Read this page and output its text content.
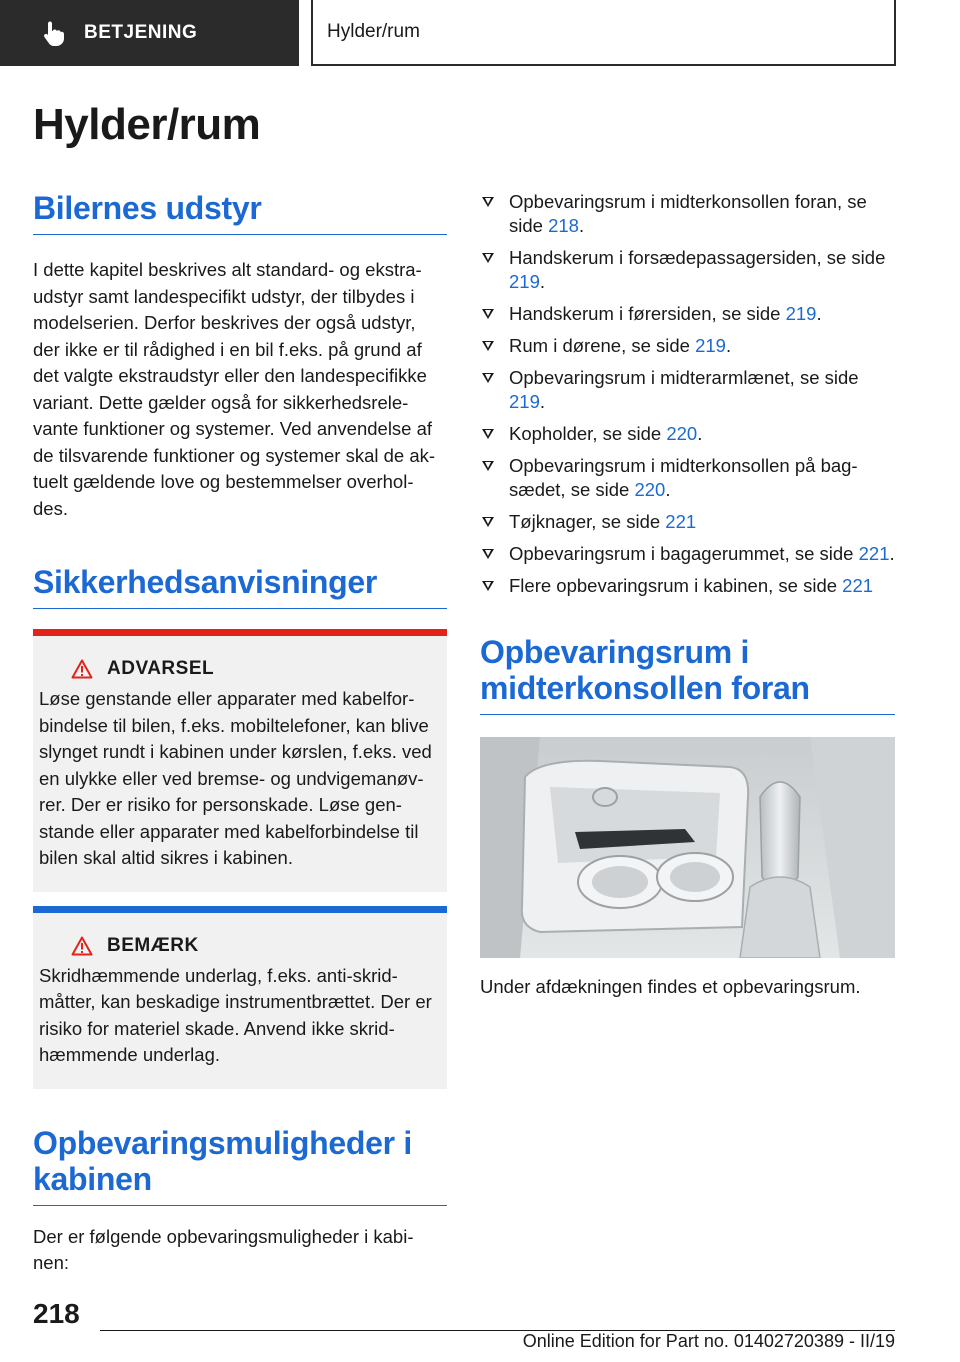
BETJENING	Hylder/rum
Hylder/rum
Bilernes udstyr

I dette kapitel beskrives alt standard- og ekstra-udstyr samt landespecifikt udstyr, der tilbydes i modelserien. Derfor beskrives der også udstyr, der ikke er til rådighed i en bil f.eks. på grund af det valgte ekstraudstyr eller den landespecifikke variant. Dette gælder også for sikkerhedsrele-vante funktioner og systemer. Ved anvendelse af de tilsvarende funktioner og systemer skal de ak-tuelt gældende love og bestemmelser overhol-des.

Sikkerhedsanvisninger
ADVARSEL

Løse genstande eller apparater med kabelfor-bindelse til bilen, f.eks. mobiltelefoner, kan blive slynget rundt i kabinen under kørslen, f.eks. ved en ulykke eller ved bremse- og undvigemanøv-rer. Der er risiko for personskade. Løse gen-stande eller apparater med kabelforbindelse til bilen skal altid sikres i kabinen.

BEMÆRK

Skridhæmmende underlag, f.eks. anti-skrid-måtter, kan beskadige instrumentbrættet. Der er risiko for materiel skade. Anvend ikke skrid-hæmmende underlag.

Opbevaringsmuligheder i kabinen

Der er følgende opbevaringsmuligheder i kabi-nen:

Opbevaringsrum i midterkonsollen foran, se side 218.
Handskerum i forsædepassagersiden, se side 219.
Handskerum i førersiden, se side 219.
Rum i dørene, se side 219.
Opbevaringsrum i midterarmlænet, se side 219.
Kopholder, se side 220.
Opbevaringsrum i midterkonsollen på bag-sædet, se side 220.
Tøjknager, se side 221
Opbevaringsrum i bagagerummet, se side 221.
Flere opbevaringsrum i kabinen, se side 221
Opbevaringsrum i midterkonsollen foran

Under afdækningen findes et opbevaringsrum.

218
Online Edition for Part no. 01402720389 - II/19
